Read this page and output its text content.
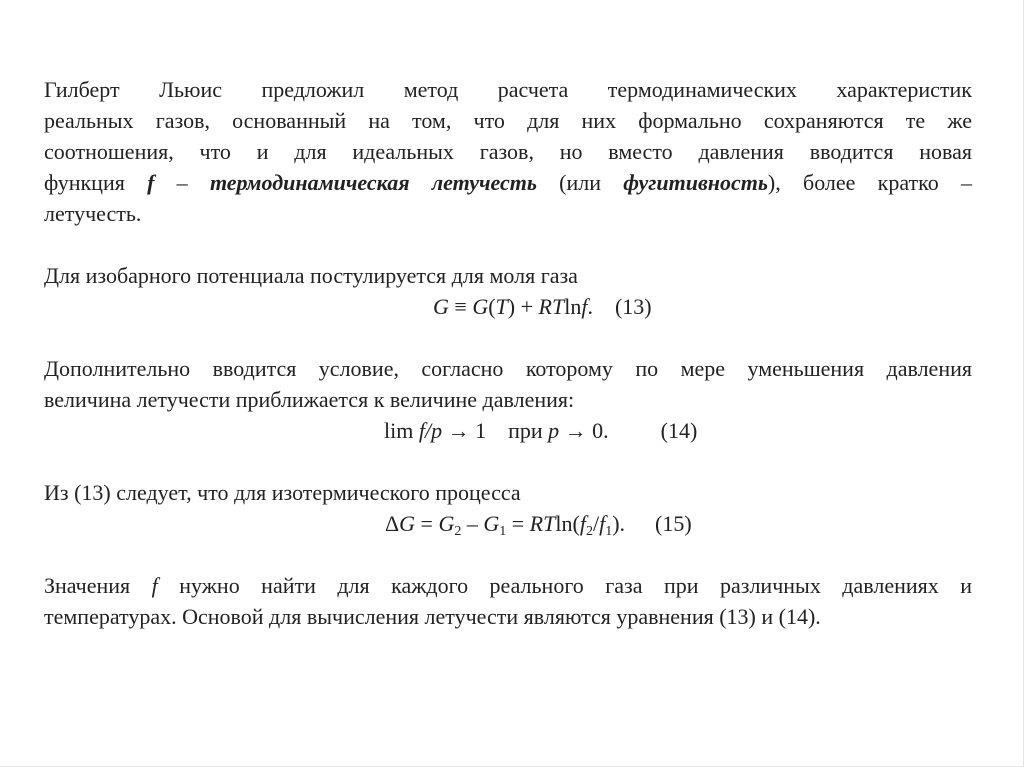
Гилберт Льюис предложил метод расчета термодинамических характеристик
реальных газов, основанный на том, что для них формально сохраняются те же
соотношения, что и для идеальных газов, но вместо давления вводится новая
функция f – термодинамическая летучесть (или фугитивность), более кратко –
летучесть.
Для изобарного потенциала постулируется для моля газа
G ≡ G(T) + RTlnf. (13)
Дополнительно вводится условие, согласно которому по мере уменьшения давления
величина летучести приближается к величине давления:
lim f/p → 1 при p → 0. (14)
Из (13) следует, что для изотермического процесса
$\Delta G = G_2 - G_1 = RTln(f_2/f_1)$. (15)
Значения f нужно найти для каждого реального газа при различных давлениях и
температурах. Основой для вычисления летучести являются уравнения (13) и (14).
